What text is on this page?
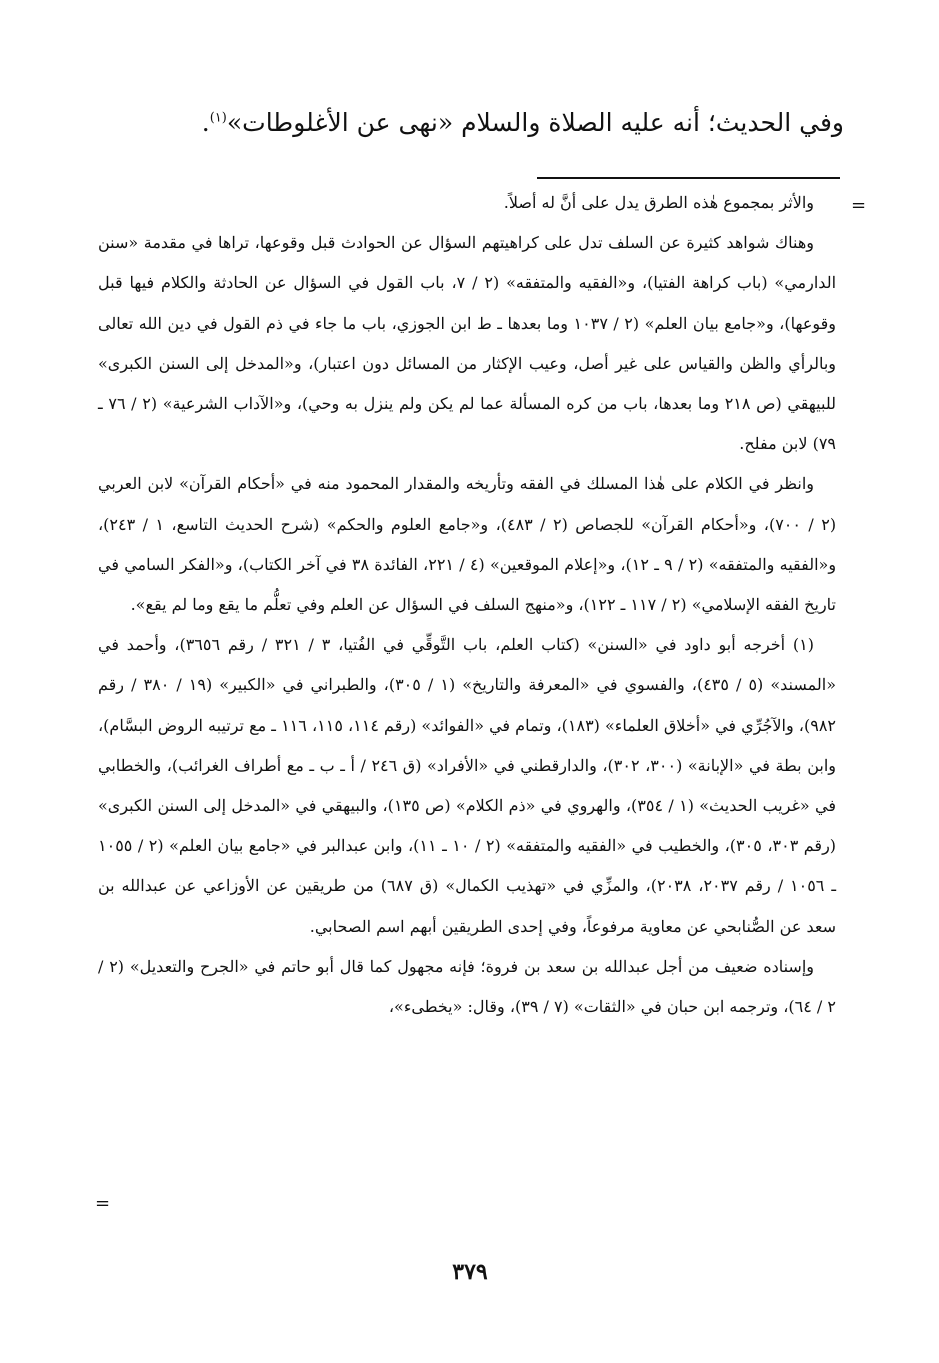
وفي الحديث؛ أنه عليه الصلاة والسلام «نهى عن الأغلوطات»$^{(١)}$.
=

والأثر بمجموع هٰذه الطرق يدل على أنَّ له أصلاً.

وهناك شواهد كثيرة عن السلف تدل على كراهيتهم السؤال عن الحوادث قبل وقوعها، تراها في مقدمة «سنن الدارمي» (باب كراهة الفتيا)، و«الفقيه والمتفقه» (٢ / ٧، باب القول في السؤال عن الحادثة والكلام فيها قبل وقوعها)، و«جامع بيان العلم» (٢ / ١٠٣٧ وما بعدها ـ ط ابن الجوزي، باب ما جاء في ذم القول في دين الله تعالى وبالرأي والظن والقياس على غير أصل، وعيب الإكثار من المسائل دون اعتبار)، و«المدخل إلى السنن الكبرى» للبيهقي (ص ٢١٨ وما بعدها، باب من كره المسألة عما لم يكن ولم ينزل به وحي)، و«الآداب الشرعية» (٢ / ٧٦ ـ ٧٩) لابن مفلح.

وانظر في الكلام على هٰذا المسلك في الفقه وتأريخه والمقدار المحمود منه في «أحكام القرآن» لابن العربي (٢ / ٧٠٠)، و«أحكام القرآن» للجصاص (٢ / ٤٨٣)، و«جامع العلوم والحكم» (شرح الحديث التاسع، ١ / ٢٤٣)، و«الفقيه والمتفقه» (٢ / ٩ ـ ١٢)، و«إعلام الموقعين» (٤ / ٢٢١، الفائدة ٣٨ في آخر الكتاب)، و«الفكر السامي في تاريخ الفقه الإسلامي» (٢ / ١١٧ ـ ١٢٢)، و«منهج السلف في السؤال عن العلم وفي تعلُّم ما يقع وما لم يقع».

(١) أخرجه أبو داود في «السنن» (كتاب العلم، باب التَّوقِّي في الفُتيا، ٣ / ٣٢١ / رقم ٣٦٥٦)، وأحمد في «المسند» (٥ / ٤٣٥)، والفسوي في «المعرفة والتاريخ» (١ / ٣٠٥)، والطبراني في «الكبير» (١٩ / ٣٨٠ / رقم ٩٨٢)، والآجُرِّي في «أخلاق العلماء» (١٨٣)، وتمام في «الفوائد» (رقم ١١٤، ١١٥، ١١٦ ـ مع ترتيبه الروض البسَّام)، وابن بطة في «الإبانة» (٣٠٠، ٣٠٢)، والدارقطني في «الأفراد» (ق ٢٤٦ / أ ـ ب ـ مع أطراف الغرائب)، والخطابي في «غريب الحديث» (١ / ٣٥٤)، والهروي في «ذم الكلام» (ص ١٣٥)، والبيهقي في «المدخل إلى السنن الكبرى» (رقم ٣٠٣، ٣٠٥)، والخطيب في «الفقيه والمتفقه» (٢ / ١٠ ـ ١١)، وابن عبدالبر في «جامع بيان العلم» (٢ / ١٠٥٥ ـ ١٠٥٦ / رقم ٢٠٣٧، ٢٠٣٨)، والمزِّي في «تهذيب الكمال» (ق ٦٨٧) من طريقين عن الأوزاعي عن عبدالله بن سعد عن الصُّنابحي عن معاوية مرفوعاً، وفي إحدى الطريقين أبهم اسم الصحابي.

وإسناده ضعيف من أجل عبدالله بن سعد بن فروة؛ فإنه مجهول كما قال أبو حاتم في «الجرح والتعديل» (٢ / ٢ / ٦٤)، وترجمه ابن حبان في «الثقات» (٧ / ٣٩)، وقال: «يخطىء»،

=
٣٧٩
